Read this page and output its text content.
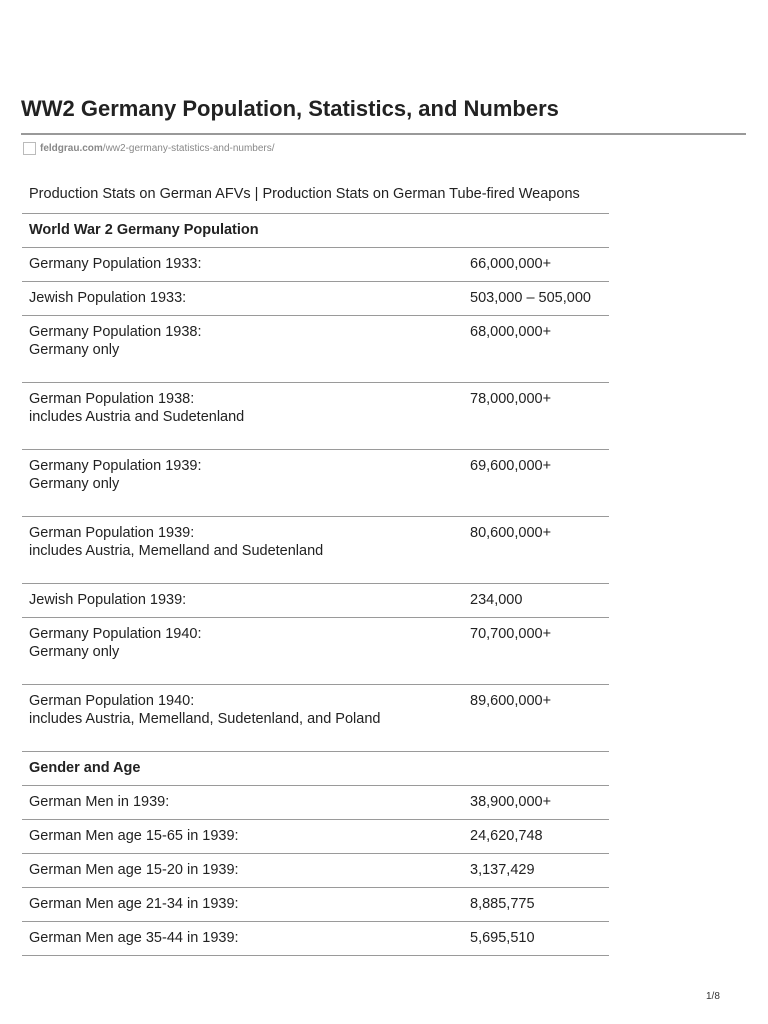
WW2 Germany Population, Statistics, and Numbers
feldgrau.com /ww2-germany-statistics-and-numbers/
Production Stats on German AFVs | Production Stats on German Tube-fired Weapons	
World War 2 Germany Population	

Germany Population 1933:	66,000,000+

Jewish Population 1933:	503,000 – 505,000

Germany Population 1938:
Germany only	68,000,000+

German Population 1938:
includes Austria and Sudetenland	78,000,000+

Germany Population 1939:
Germany only	69,600,000+

German Population 1939:
includes Austria, Memelland and Sudetenland	80,600,000+

Jewish Population 1939:	234,000

Germany Population 1940:
Germany only	70,700,000+

German Population 1940:
includes Austria, Memelland, Sudetenland, and Poland	89,600,000+
Gender and Age	

German Men in 1939:	38,900,000+

German Men age 15-65 in 1939:	24,620,748

German Men age 15-20 in 1939:	3,137,429

German Men age 21-34 in 1939:	8,885,775

German Men age 35-44 in 1939:	5,695,510
1/8
